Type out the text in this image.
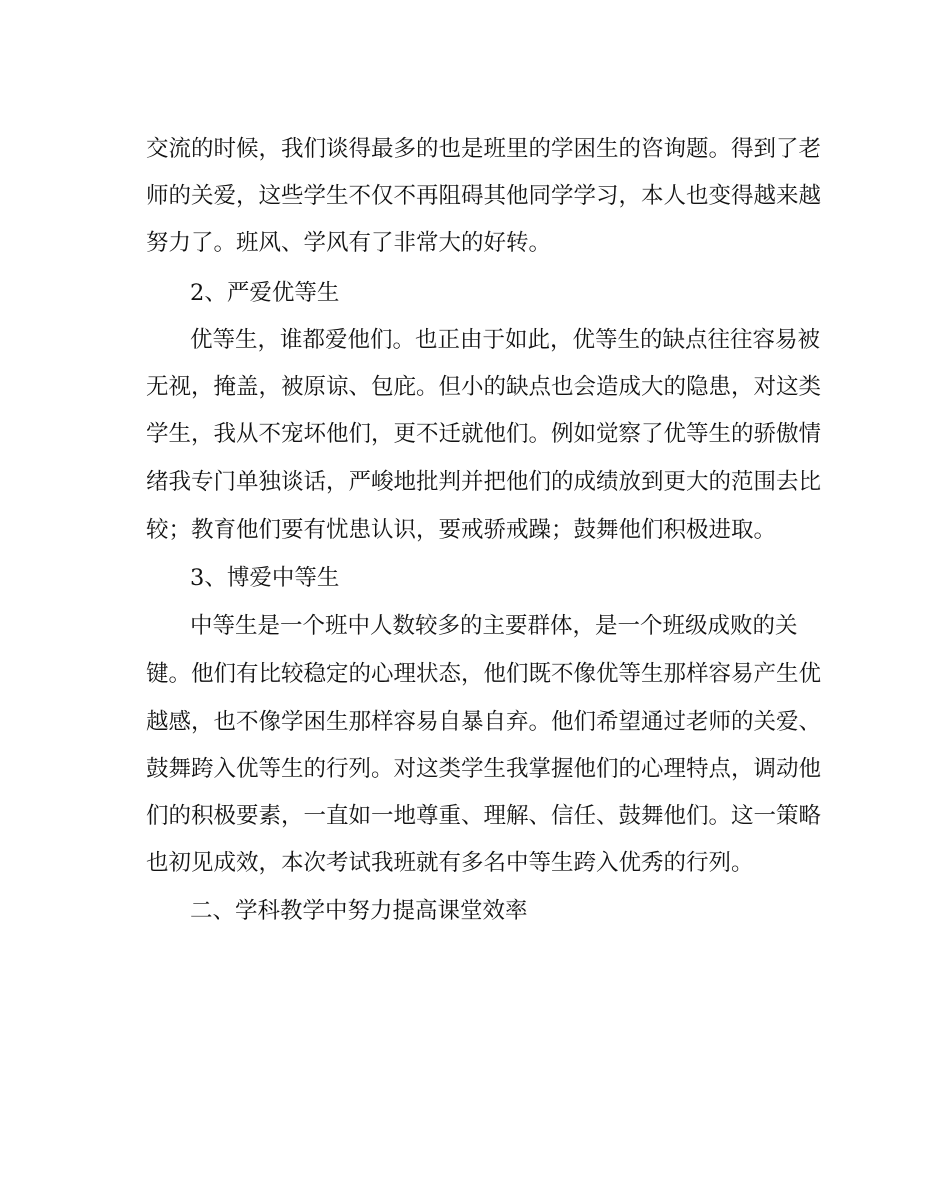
交流的时候，我们谈得最多的也是班里的学困生的咨询题。得到了老
师的关爱，这些学生不仅不再阻碍其他同学学习，本人也变得越来越
努力了。班风、学风有了非常大的好转。
2、严爱优等生
优等生，谁都爱他们。也正由于如此，优等生的缺点往往容易被
无视，掩盖，被原谅、包庇。但小的缺点也会造成大的隐患，对这类
学生，我从不宠坏他们，更不迁就他们。例如觉察了优等生的骄傲情
绪我专门单独谈话，严峻地批判并把他们的成绩放到更大的范围去比
较；教育他们要有忧患认识，要戒骄戒躁；鼓舞他们积极进取。
3、博爱中等生
中等生是一个班中人数较多的主要群体，是一个班级成败的关
键。他们有比较稳定的心理状态，他们既不像优等生那样容易产生优
越感，也不像学困生那样容易自暴自弃。他们希望通过老师的关爱、
鼓舞跨入优等生的行列。对这类学生我掌握他们的心理特点，调动他
们的积极要素，一直如一地尊重、理解、信任、鼓舞他们。这一策略
也初见成效，本次考试我班就有多名中等生跨入优秀的行列。
二、学科教学中努力提高课堂效率
